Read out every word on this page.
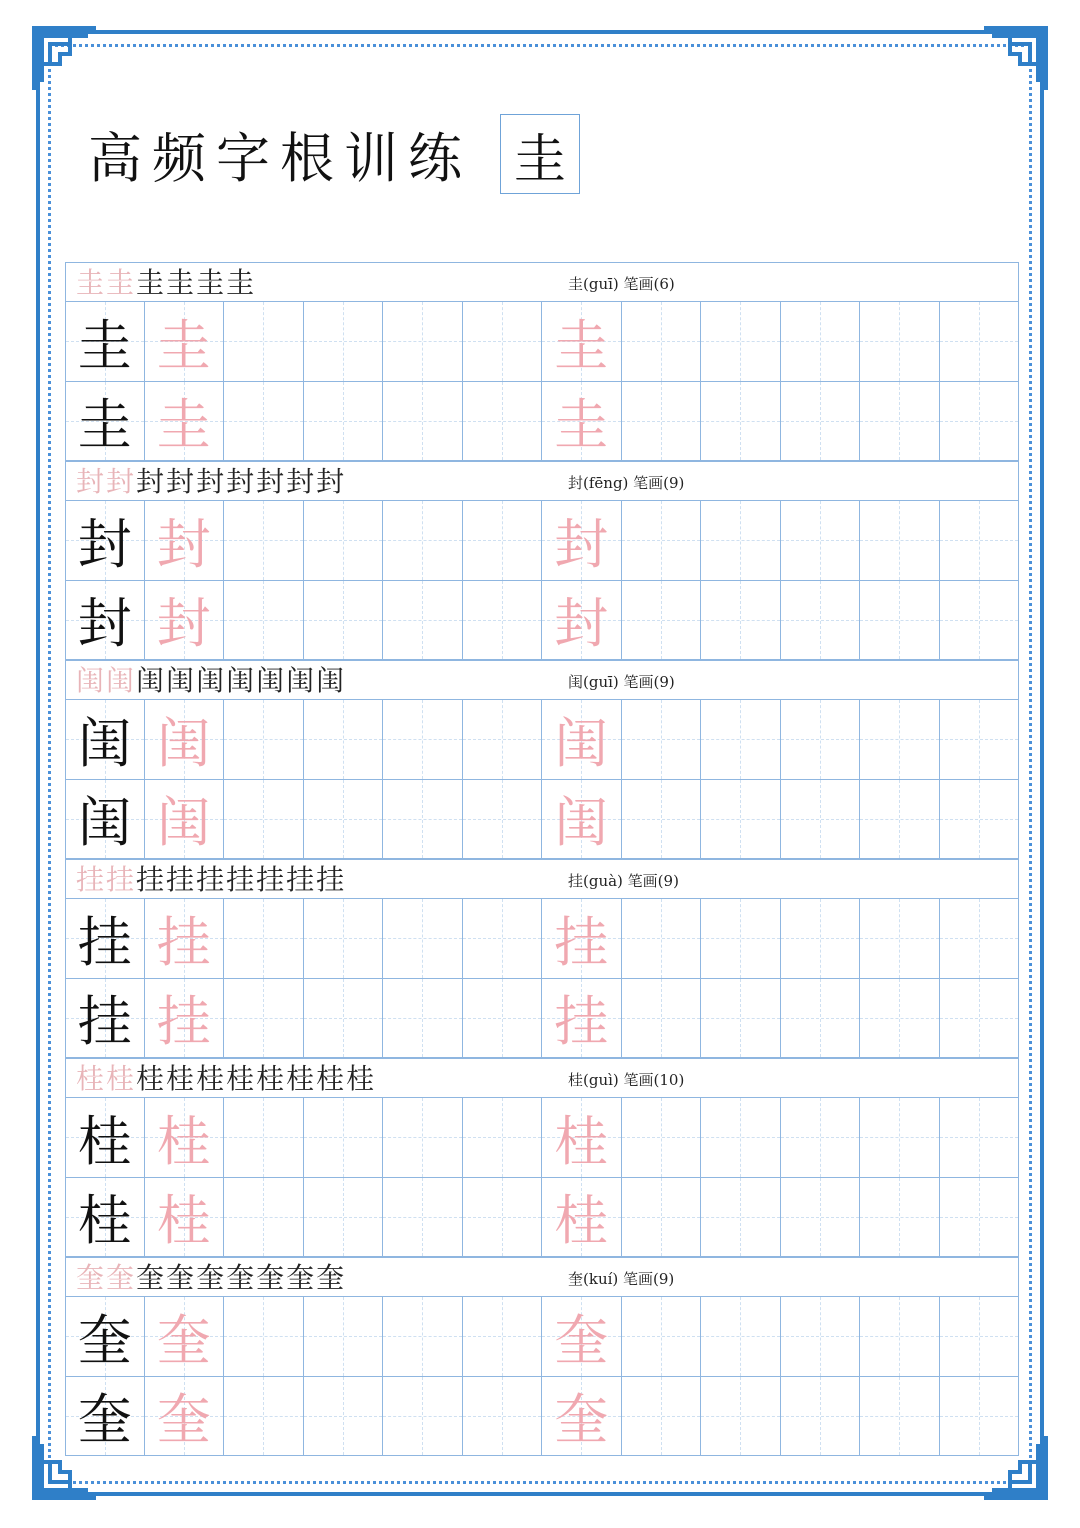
高频字根训练 圭
圭圭圭圭圭圭	圭(guī) 笔画(6)
圭 圭	圭
圭 圭	圭
封封封封封封封封封	封(fēng) 笔画(9)
封 封	封
封 封	封
闺闺闺闺闺闺闺闺闺	闺(guī) 笔画(9)
闺 闺	闺
闺 闺	闺
挂挂挂挂挂挂挂挂挂	挂(guà) 笔画(9)
挂 挂	挂
挂 挂	挂
桂桂桂桂桂桂桂桂桂桂	桂(guì) 笔画(10)
桂 桂	桂
桂 桂	桂
奎奎奎奎奎奎奎奎奎	奎(kuí) 笔画(9)
奎 奎	奎
奎 奎	奎
